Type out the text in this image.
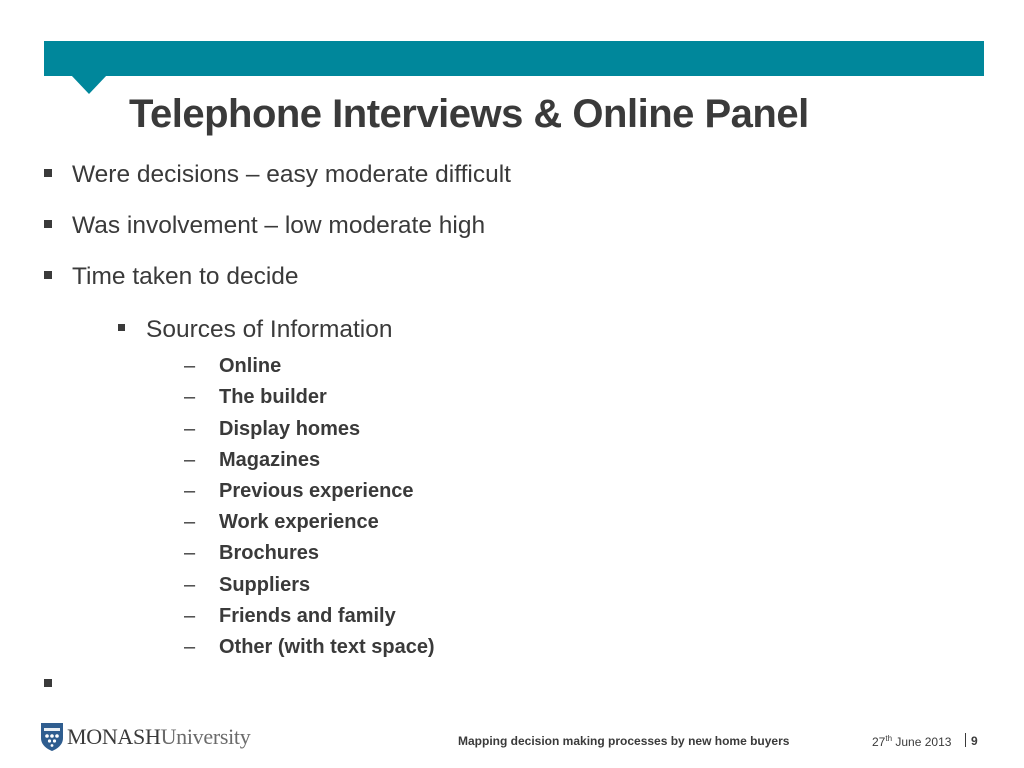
Telephone Interviews & Online Panel
Were decisions – easy moderate difficult
Was involvement – low moderate high
Time taken to decide
Sources of Information
– Online
– The builder
– Display homes
– Magazines
– Previous experience
– Work experience
– Brochures
– Suppliers
– Friends and family
– Other (with text space)
MONASHUniversity	Mapping decision making processes by new home buyers	27th June 2013 9
